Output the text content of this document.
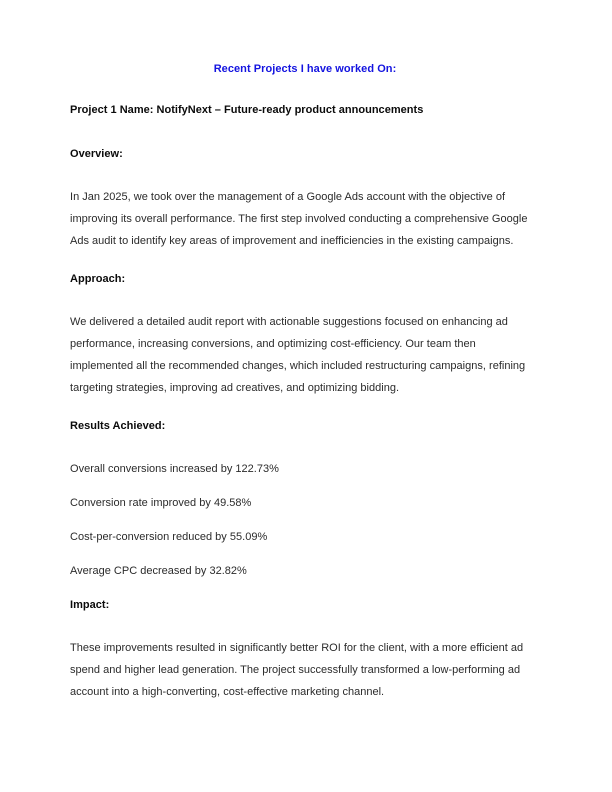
Recent Projects I have worked On:

Project 1 Name: NotifyNext – Future-ready product announcements

Overview:

In Jan 2025, we took over the management of a Google Ads account with the objective of improving its overall performance. The first step involved conducting a comprehensive Google Ads audit to identify key areas of improvement and inefficiencies in the existing campaigns.

Approach:

We delivered a detailed audit report with actionable suggestions focused on enhancing ad performance, increasing conversions, and optimizing cost-efficiency. Our team then implemented all the recommended changes, which included restructuring campaigns, refining targeting strategies, improving ad creatives, and optimizing bidding.

Results Achieved:
Overall conversions increased by 122.73%
Conversion rate improved by 49.58%
Cost-per-conversion reduced by 55.09%
Average CPC decreased by 32.82%
Impact:

These improvements resulted in significantly better ROI for the client, with a more efficient ad spend and higher lead generation. The project successfully transformed a low-performing ad account into a high-converting, cost-effective marketing channel.
